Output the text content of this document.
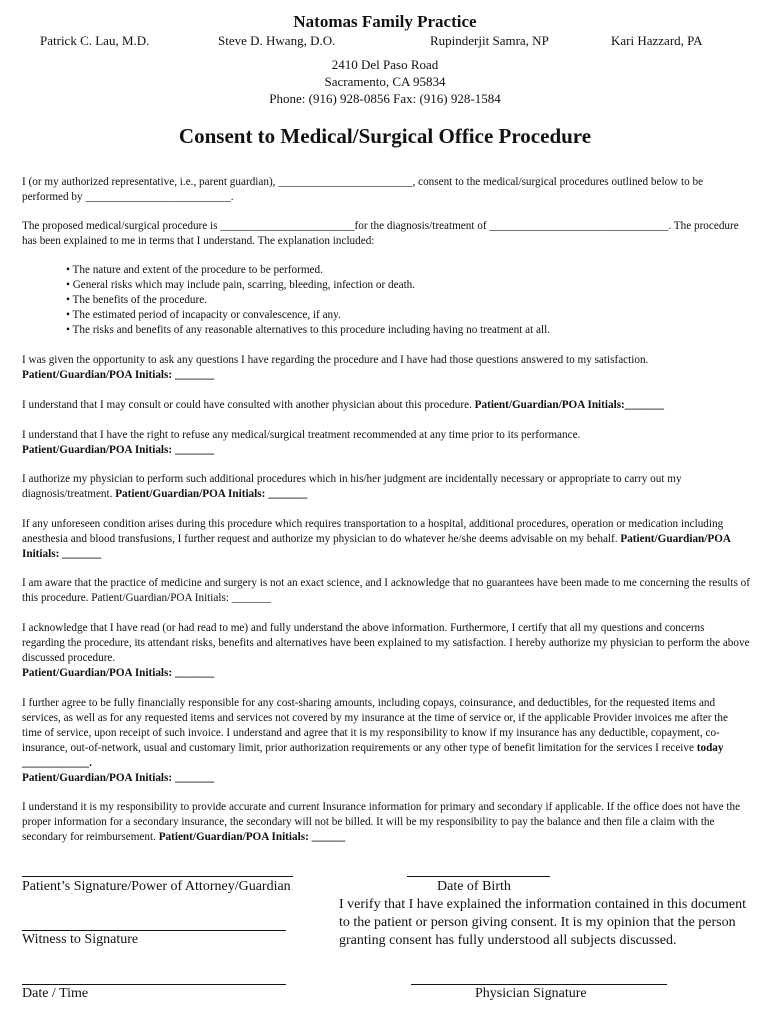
Natomas Family Practice
Patrick C. Lau, M.D.	Steve D. Hwang, D.O.	Rupinderjit Samra, NP	Kari Hazzard, PA
2410 Del Paso Road
Sacramento, CA 95834
Phone: (916) 928-0856 Fax: (916) 928-1584
Consent to Medical/Surgical Office Procedure
I (or my authorized representative, i.e., parent guardian), ________________________, consent to the medical/surgical procedures outlined below to be performed by __________________________.
The proposed medical/surgical procedure is ________________________for the diagnosis/treatment of ________________________________. The procedure has been explained to me in terms that I understand. The explanation included:
• The nature and extent of the procedure to be performed.
• General risks which may include pain, scarring, bleeding, infection or death.
• The benefits of the procedure.
• The estimated period of incapacity or convalescence, if any.
• The risks and benefits of any reasonable alternatives to this procedure including having no treatment at all.
I was given the opportunity to ask any questions I have regarding the procedure and I have had those questions answered to my satisfaction.
Patient/Guardian/POA Initials: _______
I understand that I may consult or could have consulted with another physician about this procedure. Patient/Guardian/POA Initials:_______
I understand that I have the right to refuse any medical/surgical treatment recommended at any time prior to its performance.
Patient/Guardian/POA Initials: _______
I authorize my physician to perform such additional procedures which in his/her judgment are incidentally necessary or appropriate to carry out my diagnosis/treatment. Patient/Guardian/POA Initials: _______
If any unforeseen condition arises during this procedure which requires transportation to a hospital, additional procedures, operation or medication including anesthesia and blood transfusions, I further request and authorize my physician to do whatever he/she deems advisable on my behalf. Patient/Guardian/POA Initials: _______
I am aware that the practice of medicine and surgery is not an exact science, and I acknowledge that no guarantees have been made to me concerning the results of this procedure. Patient/Guardian/POA Initials: _______
I acknowledge that I have read (or had read to me) and fully understand the above information. Furthermore, I certify that all my questions and concerns regarding the procedure, its attendant risks, benefits and alternatives have been explained to my satisfaction. I hereby authorize my physician to perform the above discussed procedure.
Patient/Guardian/POA Initials: _______
I further agree to be fully financially responsible for any cost-sharing amounts, including copays, coinsurance, and deductibles, for the requested items and services, as well as for any requested items and services not covered by my insurance at the time of service or, if the applicable Provider invoices me after the time of service, upon receipt of such invoice. I understand and agree that it is my responsibility to know if my insurance has any deductible, copayment, co-insurance, out-of-network, usual and customary limit, prior authorization requirements or any other type of benefit limitation for the services I receive today ____________.
Patient/Guardian/POA Initials: _______
I understand it is my responsibility to provide accurate and current Insurance information for primary and secondary if applicable. If the office does not have the proper information for a secondary insurance, the secondary will not be billed. It will be my responsibility to pay the balance and then file a claim with the secondary for reimbursement. Patient/Guardian/POA Initials: ______
Patient’s Signature/Power of Attorney/Guardian	Date of Birth
I verify that I have explained the information contained in this document to the patient or person giving consent. It is my opinion that the person granting consent has fully understood all subjects discussed.
Witness to Signature
Date / Time	Physician Signature
